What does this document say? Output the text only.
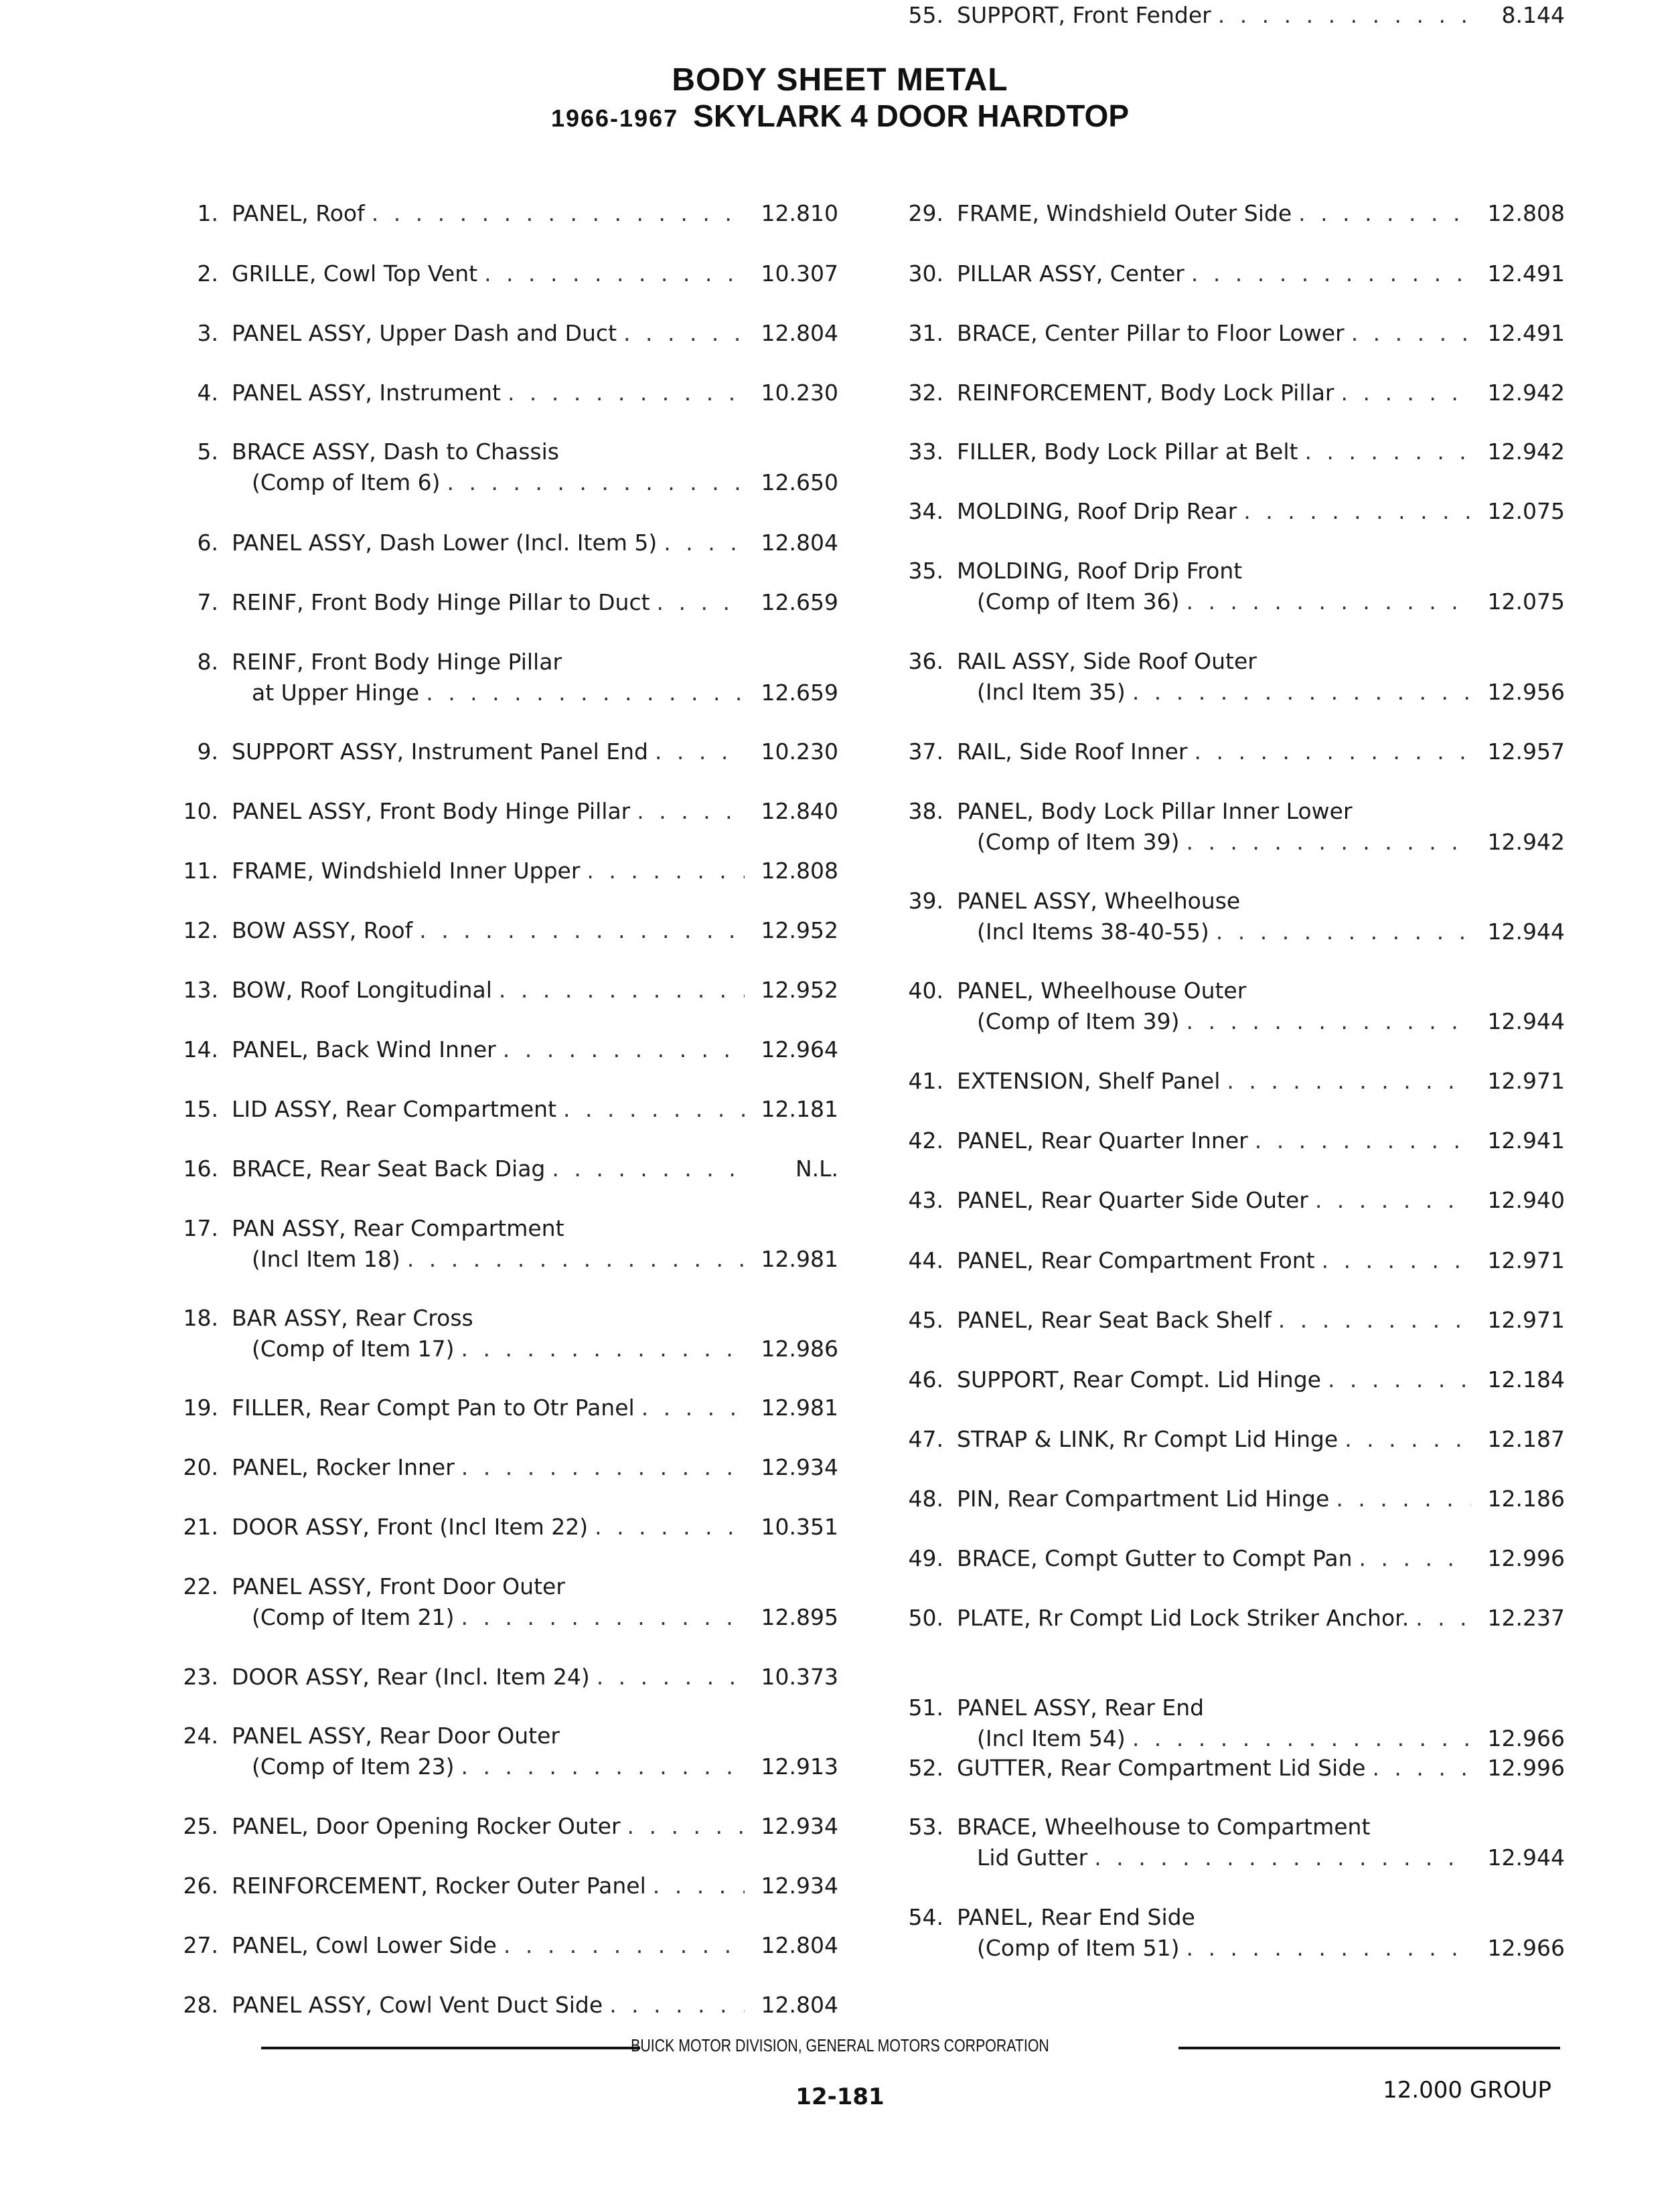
BODY SHEET METAL
1966-1967 SKYLARK 4 DOOR HARDTOP
1. PANEL, Roof . . .	12.810
2. GRILLE, Cowl Top Vent . . .	10.307
3. PANEL ASSY, Upper Dash and Duct . . .	12.804
4. PANEL ASSY, Instrument . . .	10.230
5. BRACE ASSY, Dash to Chassis
(Comp of Item 6) . . .	12.650
6. PANEL ASSY, Dash Lower (Incl. Item 5) . . .	12.804
7. REINF, Front Body Hinge Pillar to Duct . . .	12.659
8. REINF, Front Body Hinge Pillar
at Upper Hinge . . .	12.659
9. SUPPORT ASSY, Instrument Panel End . . .	10.230
10. PANEL ASSY, Front Body Hinge Pillar . . .	12.840
11. FRAME, Windshield Inner Upper . . .	12.808
12. BOW ASSY, Roof . . .	12.952
13. BOW, Roof Longitudinal . . .	12.952
14. PANEL, Back Wind Inner . . .	12.964
15. LID ASSY, Rear Compartment . . .	12.181
16. BRACE, Rear Seat Back Diag . . .	N.L.
17. PAN ASSY, Rear Compartment
(Incl Item 18) . . .	12.981
18. BAR ASSY, Rear Cross
(Comp of Item 17) . . .	12.986
19. FILLER, Rear Compt Pan to Otr Panel . . .	12.981
20. PANEL, Rocker Inner . . .	12.934
21. DOOR ASSY, Front (Incl Item 22) . . .	10.351
22. PANEL ASSY, Front Door Outer
(Comp of Item 21) . . .	12.895
23. DOOR ASSY, Rear (Incl. Item 24) . . .	10.373
24. PANEL ASSY, Rear Door Outer
(Comp of Item 23) . . .	12.913
25. PANEL, Door Opening Rocker Outer . . .	12.934
26. REINFORCEMENT, Rocker Outer Panel . . .	12.934
27. PANEL, Cowl Lower Side . . .	12.804
28. PANEL ASSY, Cowl Vent Duct Side . . .	12.804
29. FRAME, Windshield Outer Side . . .	12.808
30. PILLAR ASSY, Center . . .	12.491
31. BRACE, Center Pillar to Floor Lower . . .	12.491
32. REINFORCEMENT, Body Lock Pillar . . .	12.942
33. FILLER, Body Lock Pillar at Belt . . .	12.942
34. MOLDING, Roof Drip Rear . . .	12.075
35. MOLDING, Roof Drip Front
(Comp of Item 36) . . .	12.075
36. RAIL ASSY, Side Roof Outer
(Incl Item 35) . . .	12.956
37. RAIL, Side Roof Inner . . .	12.957
38. PANEL, Body Lock Pillar Inner Lower
(Comp of Item 39) . . .	12.942
39. PANEL ASSY, Wheelhouse
(Incl Items 38-40-55) . . .	12.944
40. PANEL, Wheelhouse Outer
(Comp of Item 39) . . .	12.944
41. EXTENSION, Shelf Panel . . .	12.971
42. PANEL, Rear Quarter Inner . . .	12.941
43. PANEL, Rear Quarter Side Outer . . .	12.940
44. PANEL, Rear Compartment Front . . .	12.971
45. PANEL, Rear Seat Back Shelf . . .	12.971
46. SUPPORT, Rear Compt. Lid Hinge . . .	12.184
47. STRAP & LINK, Rr Compt Lid Hinge . . .	12.187
48. PIN, Rear Compartment Lid Hinge . . .	12.186
49. BRACE, Compt Gutter to Compt Pan . . .	12.996
50. PLATE, Rr Compt Lid Lock Striker Anchor. . . .	12.237
51. PANEL ASSY, Rear End
(Incl Item 54) . . .	12.966
52. GUTTER, Rear Compartment Lid Side . . .	12.996
53. BRACE, Wheelhouse to Compartment
Lid Gutter . . .	12.944
54. PANEL, Rear End Side
(Comp of Item 51) . . .	12.966
55. SUPPORT, Front Fender . . .	8.144
BUICK MOTOR DIVISION, GENERAL MOTORS CORPORATION
12-181	12.000 GROUP
